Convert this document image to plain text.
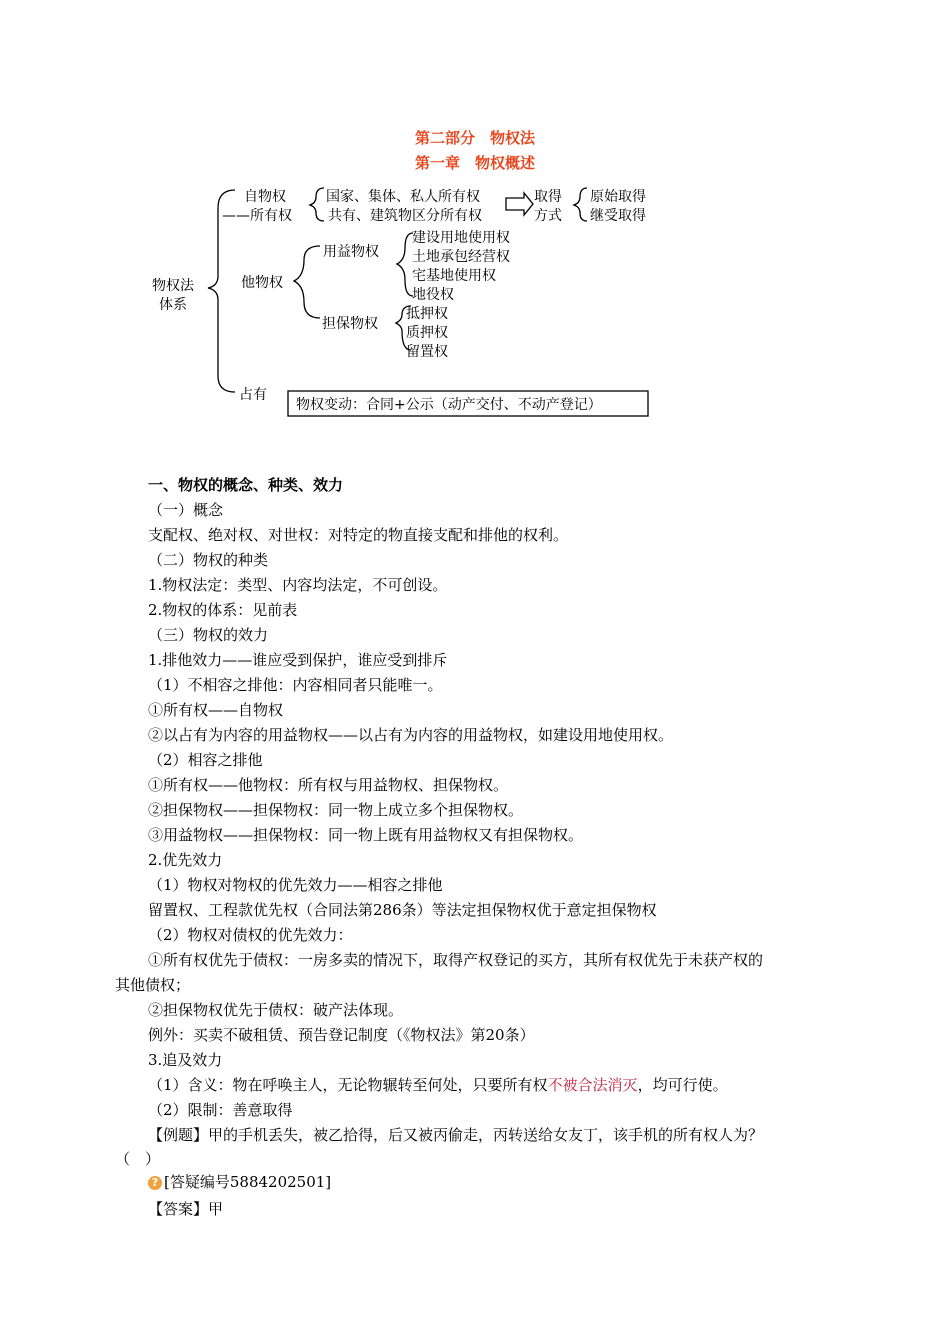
第二部分　物权法
第一章　物权概述
物权法
体系
自物权
——所有权
国家、集体、私人所有权
共有、建筑物区分所有权
取得
方式
原始取得
继受取得
他物权
用益物权
建设用地使用权
土地承包经营权
宅基地使用权
地役权
担保物权
抵押权
质押权
留置权
占有
物权变动：合同+公示（动产交付、不动产登记）
一、物权的概念、种类、效力
（一）概念
支配权、绝对权、对世权：对特定的物直接支配和排他的权利。
（二）物权的种类
1.物权法定：类型、内容均法定，不可创设。
2.物权的体系：见前表
（三）物权的效力
1.排他效力——谁应受到保护，谁应受到排斥
（1）不相容之排他：内容相同者只能唯一。
①所有权——自物权
②以占有为内容的用益物权——以占有为内容的用益物权，如建设用地使用权。
（2）相容之排他
①所有权——他物权：所有权与用益物权、担保物权。
②担保物权——担保物权：同一物上成立多个担保物权。
③用益物权——担保物权：同一物上既有用益物权又有担保物权。
2.优先效力
（1）物权对物权的优先效力——相容之排他
留置权、工程款优先权（合同法第286条）等法定担保物权优于意定担保物权
（2）物权对债权的优先效力：
①所有权优先于债权：一房多卖的情况下，取得产权登记的买方，其所有权优先于未获产权的
其他债权；
②担保物权优先于债权：破产法体现。
例外：买卖不破租赁、预告登记制度（《物权法》第20条）
3.追及效力
（1）含义：物在呼唤主人，无论物辗转至何处，只要所有权不被合法消灭，均可行使。
（2）限制：善意取得
【例题】甲的手机丢失，被乙拾得，后又被丙偷走，丙转送给女友丁，该手机的所有权人为？
（　）
? [答疑编号5884202501]
【答案】甲
